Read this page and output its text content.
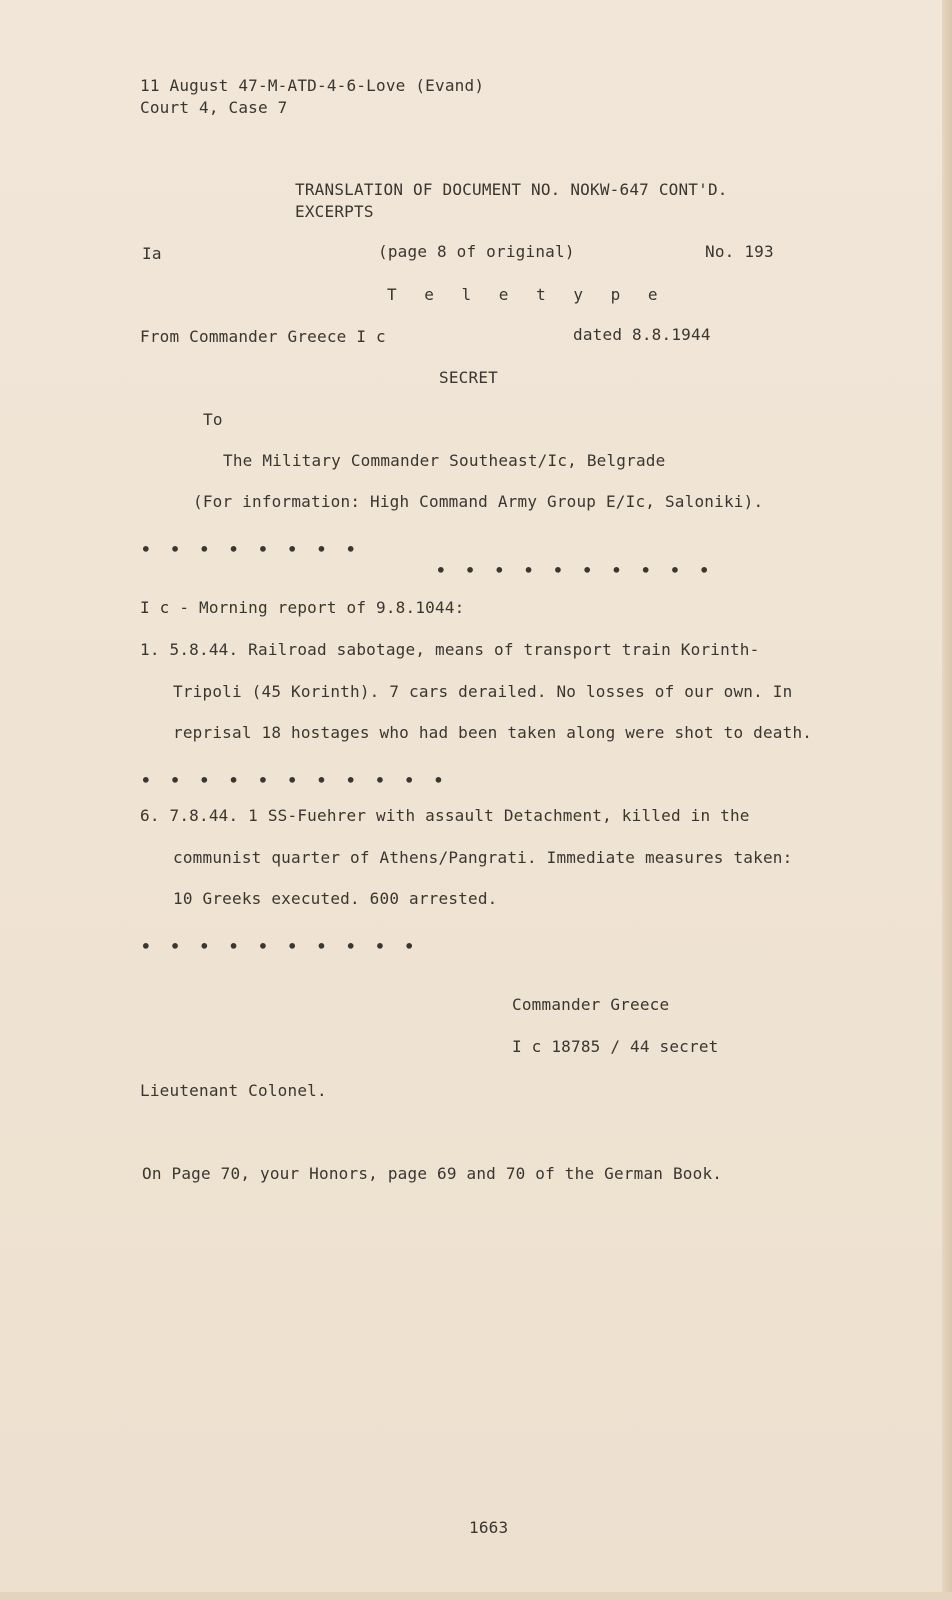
11 August 47-M-ATD-4-6-Love (Evand)
Court 4, Case 7
TRANSLATION OF DOCUMENT NO. NOKW-647 CONT'D.
EXCERPTS
Ia	(page 8 of original)	No. 193
T e l e t y p e
From Commander Greece I c	dated 8.8.1944
SECRET
To
The Military Commander Southeast/Ic, Belgrade
(For information: High Command Army Group E/Ic, Saloniki).
• • • • • • • •
• • • • • • • • • •
I c - Morning report of 9.8.1044:
1. 5.8.44. Railroad sabotage, means of transport train Korinth-
Tripoli (45 Korinth). 7 cars derailed. No losses of our own. In
reprisal 18 hostages who had been taken along were shot to death.
• • • • • • • • • • •
6. 7.8.44. 1 SS-Fuehrer with assault Detachment, killed in the
communist quarter of Athens/Pangrati. Immediate measures taken:
10 Greeks executed. 600 arrested.
• • • • • • • • • •
Commander Greece
I c 18785 / 44 secret
Lieutenant Colonel.
On Page 70, your Honors, page 69 and 70 of the German Book.
1663
